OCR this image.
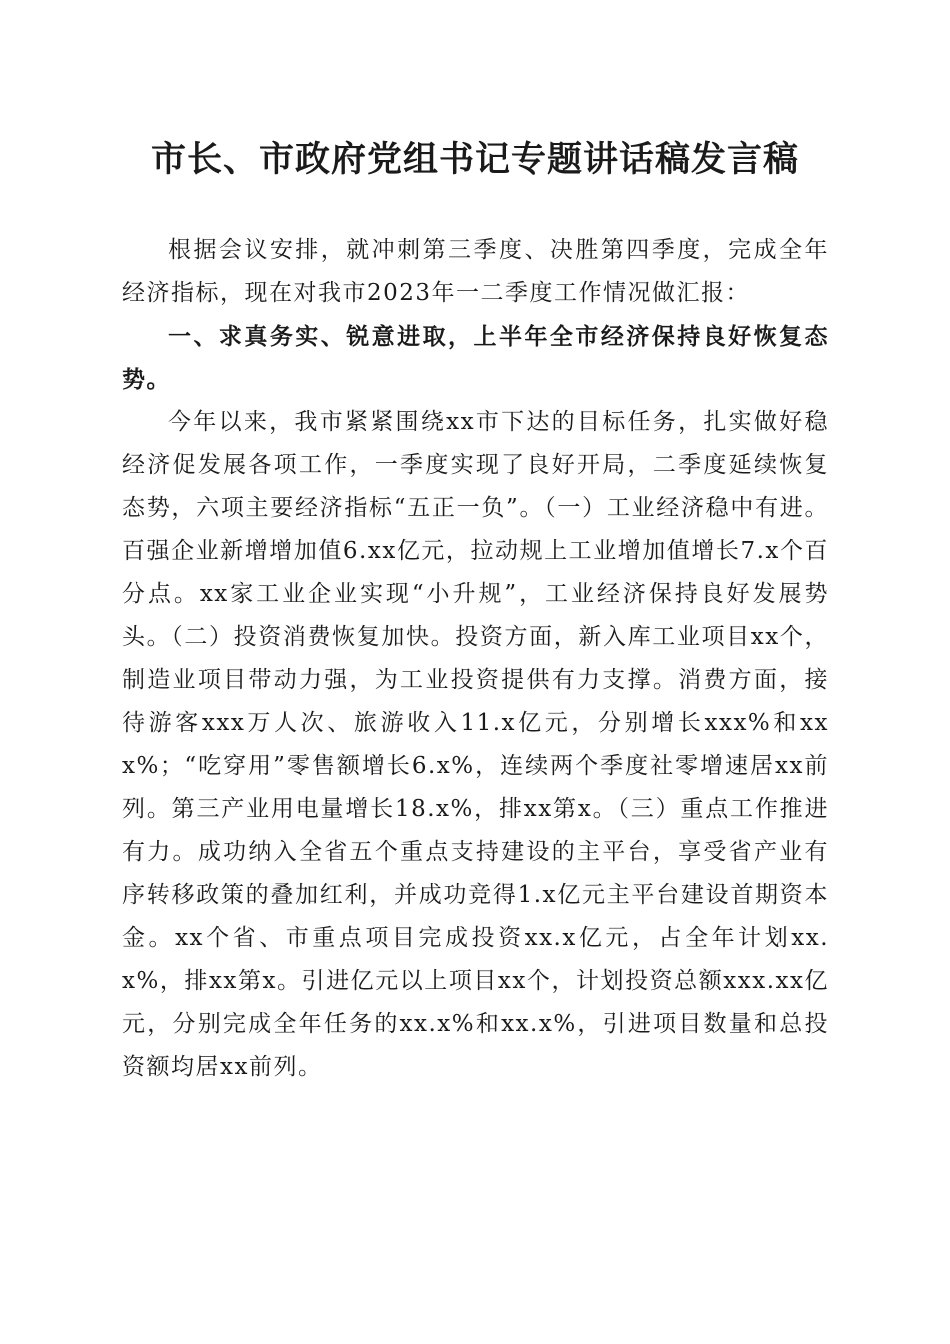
市长、市政府党组书记专题讲话稿发言稿

根据会议安排，就冲刺第三季度、决胜第四季度，完成全年经济指标，现在对我市2023年一二季度工作情况做汇报：

一、求真务实、锐意进取，上半年全市经济保持良好恢复态势。

今年以来，我市紧紧围绕xx市下达的目标任务，扎实做好稳经济促发展各项工作，一季度实现了良好开局，二季度延续恢复态势，六项主要经济指标“五正一负”。（一）工业经济稳中有进。百强企业新增增加值6.xx亿元，拉动规上工业增加值增长7.x个百分点。xx家工业企业实现“小升规”，工业经济保持良好发展势头。（二）投资消费恢复加快。投资方面，新入库工业项目xx个，制造业项目带动力强，为工业投资提供有力支撑。消费方面，接待游客xxx万人次、旅游收入11.x亿元，分别增长xxx%和xxx%；“吃穿用”零售额增长6.x%，连续两个季度社零增速居xx前列。第三产业用电量增长18.x%，排xx第x。（三）重点工作推进有力。成功纳入全省五个重点支持建设的主平台，享受省产业有序转移政策的叠加红利，并成功竞得1.x亿元主平台建设首期资本金。xx个省、市重点项目完成投资xx.x亿元，占全年计划xx.x%，排xx第x。引进亿元以上项目xx个，计划投资总额xxx.xx亿元，分别完成全年任务的xx.x%和xx.x%，引进项目数量和总投资额均居xx前列。
